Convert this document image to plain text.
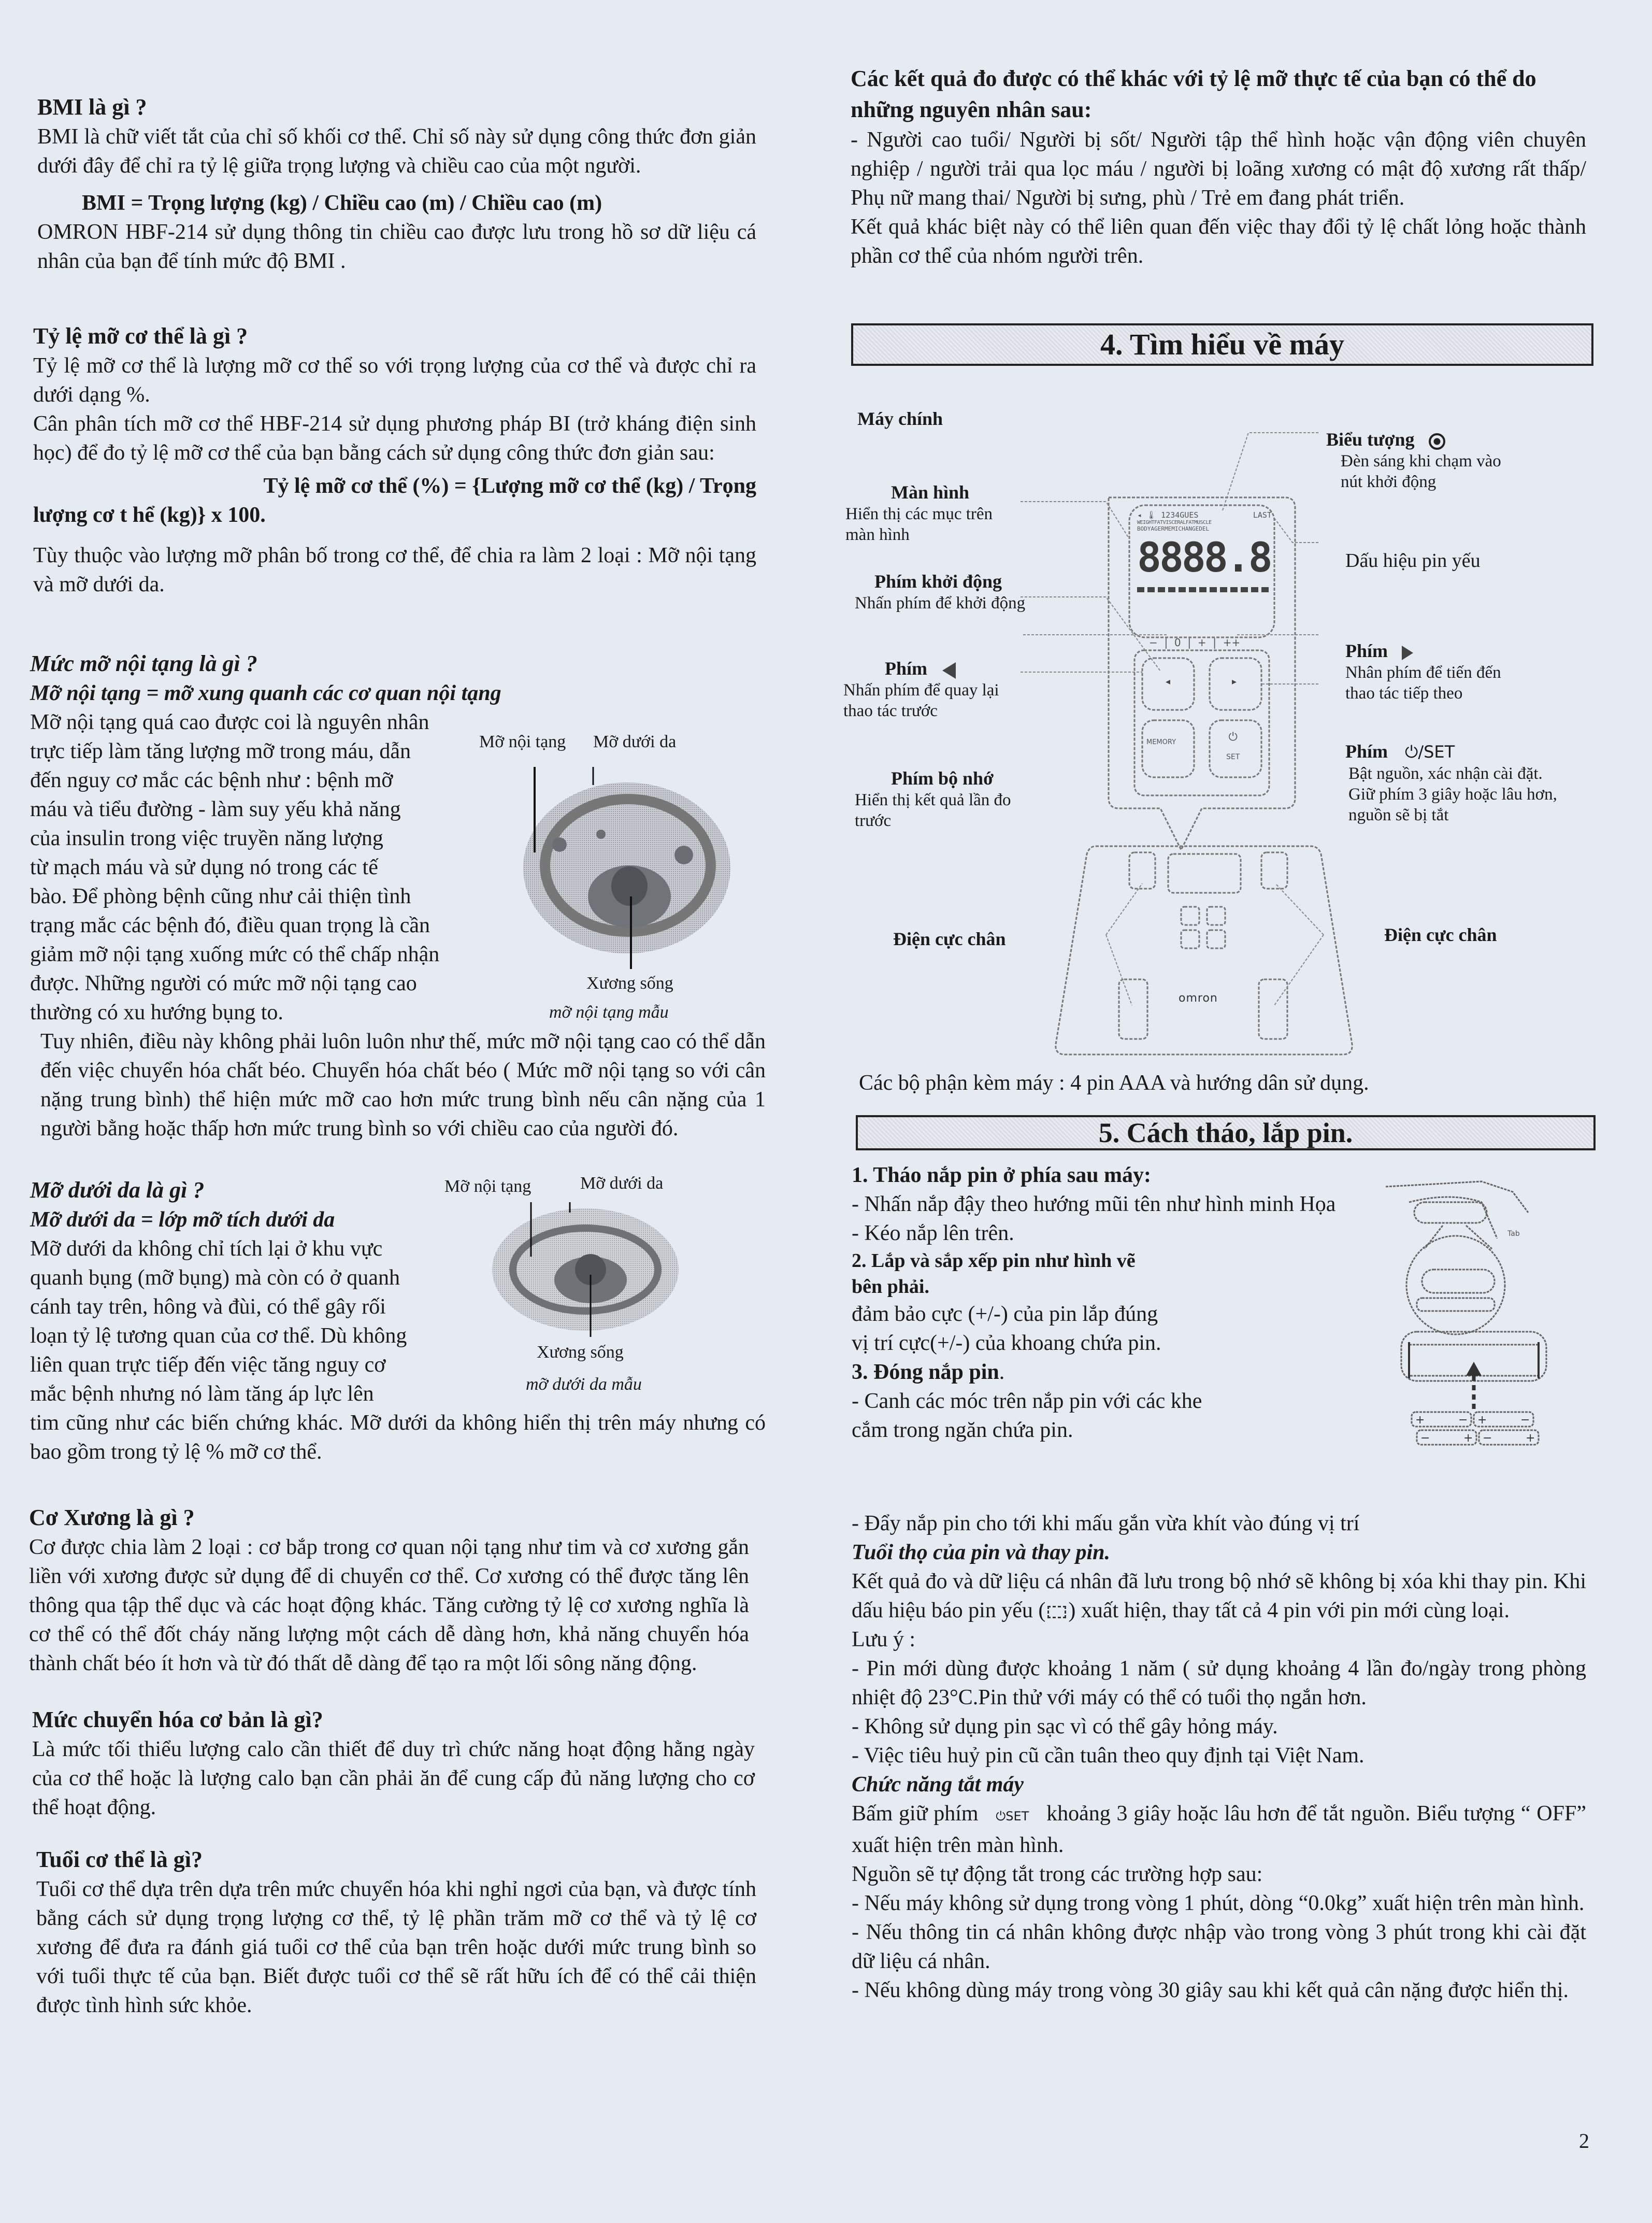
BMI là gì ?

BMI là chữ viết tắt của chỉ số khối cơ thể. Chỉ số này sử dụng công thức đơn giản dưới đây để chỉ ra tỷ lệ giữa trọng lượng và chiều cao của một người.

BMI = Trọng lượng (kg) / Chiều cao (m) / Chiều cao (m)

OMRON HBF-214 sử dụng thông tin chiều cao được lưu trong hồ sơ dữ liệu cá nhân của bạn để tính mức độ BMI .

Tỷ lệ mỡ cơ thể là gì ?

Tỷ lệ mỡ cơ thể là lượng mỡ cơ thể so với trọng lượng của cơ thể và được chỉ ra dưới dạng %.

Cân phân tích mỡ cơ thể HBF-214 sử dụng phương pháp BI (trở kháng điện sinh học) để đo tỷ lệ mỡ cơ thể của bạn bằng cách sử dụng công thức đơn giản sau:

Tỷ lệ mỡ cơ thể (%) = {Lượng mỡ cơ thể (kg) / Trọng

lượng cơ t hể (kg)} x 100.

Tùy thuộc vào lượng mỡ phân bố trong cơ thể, để chia ra làm 2 loại : Mỡ nội tạng và mỡ dưới da.

Mức mỡ nội tạng là gì ?

Mỡ nội tạng = mỡ xung quanh các cơ quan nội tạng

Mỡ nội tạng quá cao được coi là nguyên nhân

trực tiếp làm tăng lượng mỡ trong máu, dẫn

đến nguy cơ mắc các bệnh như : bệnh mỡ

máu và tiểu đường - làm suy yếu khả năng

của insulin trong việc truyền năng lượng

từ mạch máu và sử dụng nó trong các tế

bào. Để phòng bệnh cũng như cải thiện tình

trạng mắc các bệnh đó, điều quan trọng là cần

giảm mỡ nội tạng xuống mức có thể chấp nhận

được. Những người có mức mỡ nội tạng cao

thường có xu hướng bụng to.

Tuy nhiên, điều này không phải luôn luôn như thế, mức mỡ nội tạng cao có thể dẫn đến việc chuyển hóa chất béo. Chuyển hóa chất béo ( Mức mỡ nội tạng so với cân nặng trung bình) thể hiện mức mỡ cao hơn mức trung bình nếu cân nặng của 1 người bằng hoặc thấp hơn mức trung bình so với chiều cao của người đó.

Mỡ nội tạng Mỡ dưới da
Xương sống
mỡ nội tạng mẫu
Mỡ dưới da là gì ?

Mỡ dưới da = lớp mỡ tích dưới da

Mỡ dưới da không chỉ tích lại ở khu vực

quanh bụng (mỡ bụng) mà còn có ở quanh

cánh tay trên, hông và đùi, có thể gây rối

loạn tỷ lệ tương quan của cơ thể. Dù không

liên quan trực tiếp đến việc tăng nguy cơ

mắc bệnh nhưng nó làm tăng áp lực lên

tim cũng như các biến chứng khác. Mỡ dưới da không hiển thị trên máy nhưng có bao gồm trong tỷ lệ % mỡ cơ thể.

Mỡ nội tạng	Mỡ dưới da
Xương sống
mỡ dưới da mẫu
Cơ Xương là gì ?

Cơ được chia làm 2 loại : cơ bắp trong cơ quan nội tạng như tim và cơ xương gắn liền với xương được sử dụng để di chuyển cơ thể. Cơ xương có thể được tăng lên thông qua tập thể dục và các hoạt động khác. Tăng cường tỷ lệ cơ xương nghĩa là cơ thể có thể đốt cháy năng lượng một cách dễ dàng hơn, khả năng chuyển hóa thành chất béo ít hơn và từ đó thất dễ dàng để tạo ra một lối sông năng động.

Mức chuyển hóa cơ bản là gì?

Là mức tối thiểu lượng calo cần thiết để duy trì chức năng hoạt động hằng ngày của cơ thể hoặc là lượng calo bạn cần phải ăn để cung cấp đủ năng lượng cho cơ thể hoạt động.

Tuổi cơ thể là gì?

Tuổi cơ thể dựa trên dựa trên mức chuyển hóa khi nghỉ ngơi của bạn, và được tính bằng cách sử dụng trọng lượng cơ thể, tỷ lệ phần trăm mỡ cơ thể và tỷ lệ cơ xương để đưa ra đánh giá tuổi cơ thể của bạn trên hoặc dưới mức trung bình so với tuổi thực tế của bạn. Biết được tuổi cơ thể sẽ rất hữu ích để có thể cải thiện được tình hình sức khỏe.

Các kết quả đo được có thể khác với tỷ lệ mỡ thực tế của bạn có thể do những nguyên nhân sau:

- Người cao tuổi/ Người bị sốt/ Người tập thể hình hoặc vận động viên chuyên nghiệp / người trải qua lọc máu / người bị loãng xương có mật độ xương rất thấp/ Phụ nữ mang thai/ Người bị sưng, phù / Trẻ em đang phát triển.

Kết quả khác biệt này có thể liên quan đến việc thay đổi tỷ lệ chất lỏng hoặc thành phần cơ thể của nhóm người trên.

4. Tìm hiểu về máy
Máy chính
Màn hình
Hiển thị các mục trên màn hình
Phím khởi động
Nhấn phím để khởi động
Phím
Nhấn phím để quay lại thao tác trước
Phím bộ nhớ
Hiển thị kết quả lần đo trước
Điện cực chân
Biểu tượng
Đèn sáng khi chạm vào nút khởi động
Dấu hiệu pin yếu
Phím
Nhân phím để tiến đến thao tác tiếp theo
Phím ⏻/SET
Bật nguồn, xác nhận cài đặt. Giữ phím 3 giây hoặc lâu hơn, nguồn sẽ bị tắt
Điện cực chân
◂ 🌡 1234GUES	LAST
WEIGHTFATVISCERALFATMUSCLE
BODYAGERMEMICHANGEDEL
8888.8
−  |  0  |  +  |  ++
◂	▸
MEMORY	⏻
SET
omron
Các bộ phận kèm máy : 4 pin AAA và hướng dân sử dụng.
5. Cách tháo, lắp pin.

1. Tháo nắp pin ở phía sau máy:

- Nhấn nắp đậy theo hướng mũi tên như hình minh Họa

- Kéo nắp lên trên.

2. Lắp và sắp xếp pin như hình vẽ bên phải.

đảm bảo cực (+/-) của pin lắp đúng vị trí cực(+/-) của khoang chứa pin.

3. Đóng nắp pin.

- Canh các móc trên nắp pin với các khe cắm trong ngăn chứa pin.

- Đẩy nắp pin cho tới khi mấu gắn vừa khít vào đúng vị trí

Tuổi thọ của pin và thay pin.

Kết quả đo và dữ liệu cá nhân đã lưu trong bộ nhớ sẽ không bị xóa khi thay pin. Khi dấu hiệu báo pin yếu ( ) xuất hiện, thay tất cả 4 pin với pin mới cùng loại.

Lưu ý :

- Pin mới dùng được khoảng 1 năm ( sử dụng khoảng 4 lần đo/ngày trong phòng nhiệt độ 23°C.Pin thử với máy có thể có tuổi thọ ngắn hơn.

- Không sử dụng pin sạc vì có thể gây hỏng máy.

- Việc tiêu huỷ pin cũ cần tuân theo quy định tại Việt Nam.

Chức năng tắt máy

Bấm giữ phím ⏻SET khoảng 3 giây hoặc lâu hơn để tắt nguồn. Biểu tượng “ OFF” xuất hiện trên màn hình.

Nguồn sẽ tự động tắt trong các trường hợp sau:

- Nếu máy không sử dụng trong vòng 1 phút, dòng “0.0kg” xuất hiện trên màn hình.

- Nếu thông tin cá nhân không được nhập vào trong vòng 3 phút trong khi cài đặt dữ liệu cá nhân.

- Nếu không dùng máy trong vòng 30 giây sau khi kết quả cân nặng được hiển thị.

Tab
+	− +	−
−	+ −	+
2
